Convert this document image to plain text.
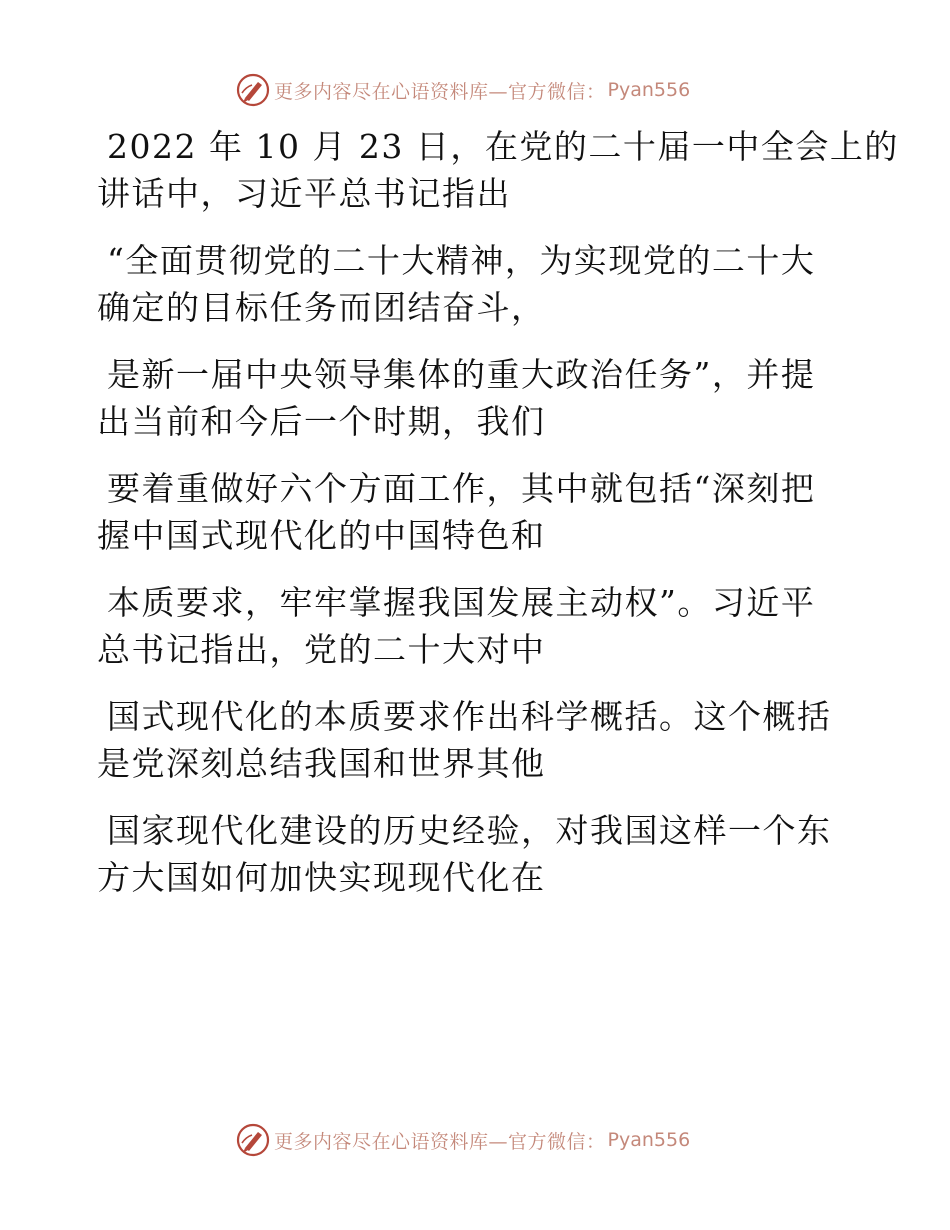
更多内容尽在心语资料库—官方微信： Pyan556
2022 年 10 月 23 日，在党的二十届一中全会上的
讲话中，习近平总书记指出
“全面贯彻党的二十大精神，为实现党的二十大
确定的目标任务而团结奋斗，
是新一届中央领导集体的重大政治任务”，并提
出当前和今后一个时期，我们
要着重做好六个方面工作，其中就包括“深刻把
握中国式现代化的中国特色和
本质要求，牢牢掌握我国发展主动权”。习近平
总书记指出，党的二十大对中
国式现代化的本质要求作出科学概括。这个概括
是党深刻总结我国和世界其他
国家现代化建设的历史经验，对我国这样一个东
方大国如何加快实现现代化在
更多内容尽在心语资料库—官方微信： Pyan556
